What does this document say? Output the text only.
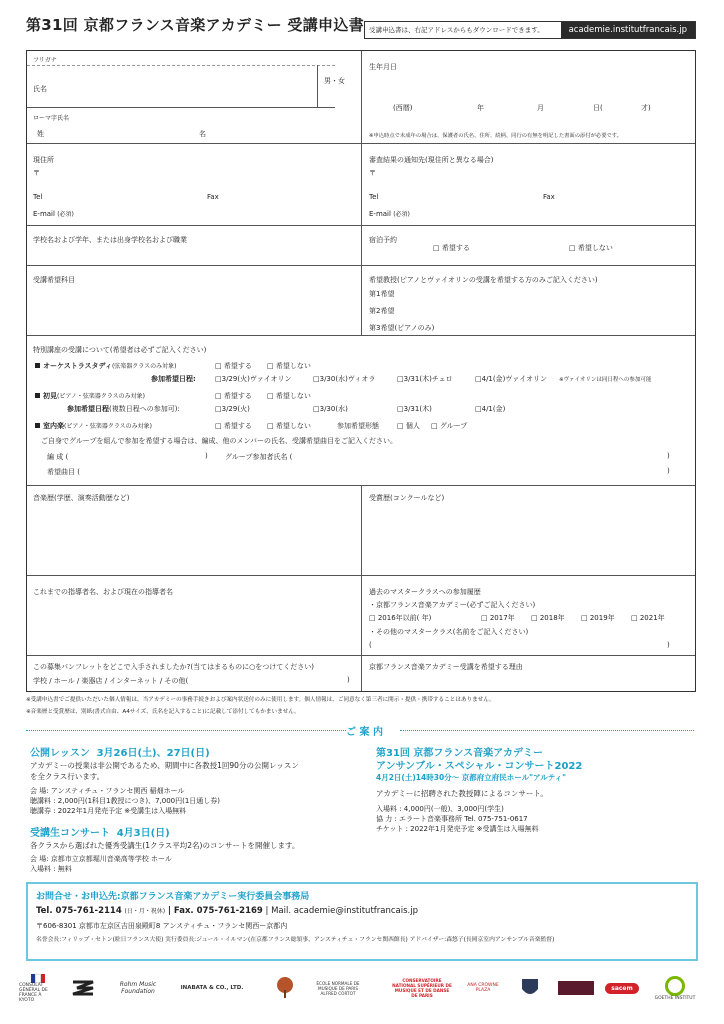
第31回 京都フランス音楽アカデミー 受講申込書 受講申込書は、右記アドレスからもダウンロードできます。	academie.institutfrancais.jp
フリガナ
氏名
男・女
ローマ字氏名
姓	名
生年月日
(西暦)	年	月	日(	才)
※申込時点で未成年の場合は、保護者の氏名、住所、続柄、同行の有無を明記した書面の添付が必要です。
現住所
〒
Tel	Fax
E-mail (必須)
審査結果の通知先(現住所と異なる場合)
〒
Tel	Fax
E-mail (必須)
学校名および学年、または出身学校名および職業	宿泊予約
□ 希望する	□ 希望しない
受講希望科目	希望教授(ピアノとヴァイオリンの受講を希望する方のみご記入ください)
第1希望
第2希望
第3希望(ピアノのみ)
特別講座の受講について(希望者は必ずご記入ください)
オーケストラスタディ(弦楽器クラスのみ対象)	□ 希望する □ 希望しない
参加希望日程:	□3/29(火)ヴァイオリン	□3/30(水)ヴィオラ	□3/31(木)チェロ	□4/1(金)ヴァイオリン ※ヴァイオリンは同日程への参加可能
初見(ピアノ・弦楽器クラスのみ対象)	□ 希望する □ 希望しない
参加希望日程(複数日程への参加可):	□3/29(火)	□3/30(水)	□3/31(木)	□4/1(金)
室内楽(ピアノ・弦楽器クラスのみ対象)	□ 希望する □ 希望しない	参加希望形態	□ 個人 □ グループ
ご自身でグループを組んで参加を希望する場合は、編成、他のメンバーの氏名、受講希望曲目をご記入ください。
編 成 (	) グループ参加者氏名 (	)
希望曲目 (	)
音楽歴(学歴、演奏活動歴など)	受賞歴(コンクールなど)
これまでの指導者名、および現在の指導者名	過去のマスタークラスへの参加履歴
・京都フランス音楽アカデミー(必ずご記入ください)
□ 2016年以前( 年)	□ 2017年 □ 2018年 □ 2019年 □ 2021年
・その他のマスタークラス(名前をご記入ください)
(	)
この募集パンフレットをどこで入手されましたか?(当てはまるものに○をつけてください)
学校 / ホール / 楽器店 / インターネット / その他(	)
京都フランス音楽アカデミー受講を希望する理由
※受講申込書でご提供いただいた個人情報は、当アカデミーの事務手続きおよび案内状送付のみに使用します。個人情報は、ご同意なく第三者に開示・提供・携帯することはありません。
※音楽歴と受賞歴は、別紙(書式自由、A4サイズ、氏名を記入すること)に記載して添付してもかまいません。
ご 案 内
公開レッスン 3月26日(土)、27日(日)
アカデミーの授業は非公開であるため、期間中に各教授1回90分の公開レッスン
を全クラス行います。
会 場: アンスティチュ・フランセ関西 稲畑ホール
聴講料 : 2,000円(1科目1教授につき)、7,000円(1日通し券)
聴講券 : 2022年1月発売予定 ※受講生は入場無料
受講生コンサート 4月3日(日)
各クラスから選ばれた優秀受講生(1クラス平均2名)のコンサートを開催します。
会 場: 京都市立京都堀川音楽高等学校 ホール
入場料 : 無料
第31回 京都フランス音楽アカデミー
アンサンブル・スペシャル・コンサート2022
4月2日(土)14時30分〜 京都府立府民ホール"アルティ"
アカデミーに招聘された教授陣によるコンサート。
入場料 : 4,000円(一般)、3,000円(学生)
協 力 : エラート音楽事務所 Tel. 075-751-0617
チケット : 2022年1月発売予定 ※受講生は入場無料
お問合せ・お申込先:京都フランス音楽アカデミー実行委員会事務局
Tel. 075-761-2114 (日・月・祝休) | Fax. 075-761-2169 | Mail. academie@institutfrancais.jp
〒606-8301 京都市左京区吉田泉殿町8 アンスティチュ・フランセ関西ー京都内
名誉会長:フィリップ・セトン(駐日フランス大使) 実行委員長:ジュール・イルマン(在京都フランス総領事、アンスティチュ・フランセ関西館長) アドバイザー:森悠子(長岡京室内アンサンブル音楽監督)
CONSULAT GÉNÉRAL DE FRANCE À KYOTO
Rohm Music Foundation	INABATA & CO., LTD.
ÉCOLE NORMALE DE MUSIQUE DE PARIS ALFRED CORTOT
CONSERVATOIRE NATIONAL SUPÉRIEUR DE MUSIQUE ET DE DANSE DE PARIS
ANA CROWNE PLAZA	sacem
GOETHE INSTITUT
